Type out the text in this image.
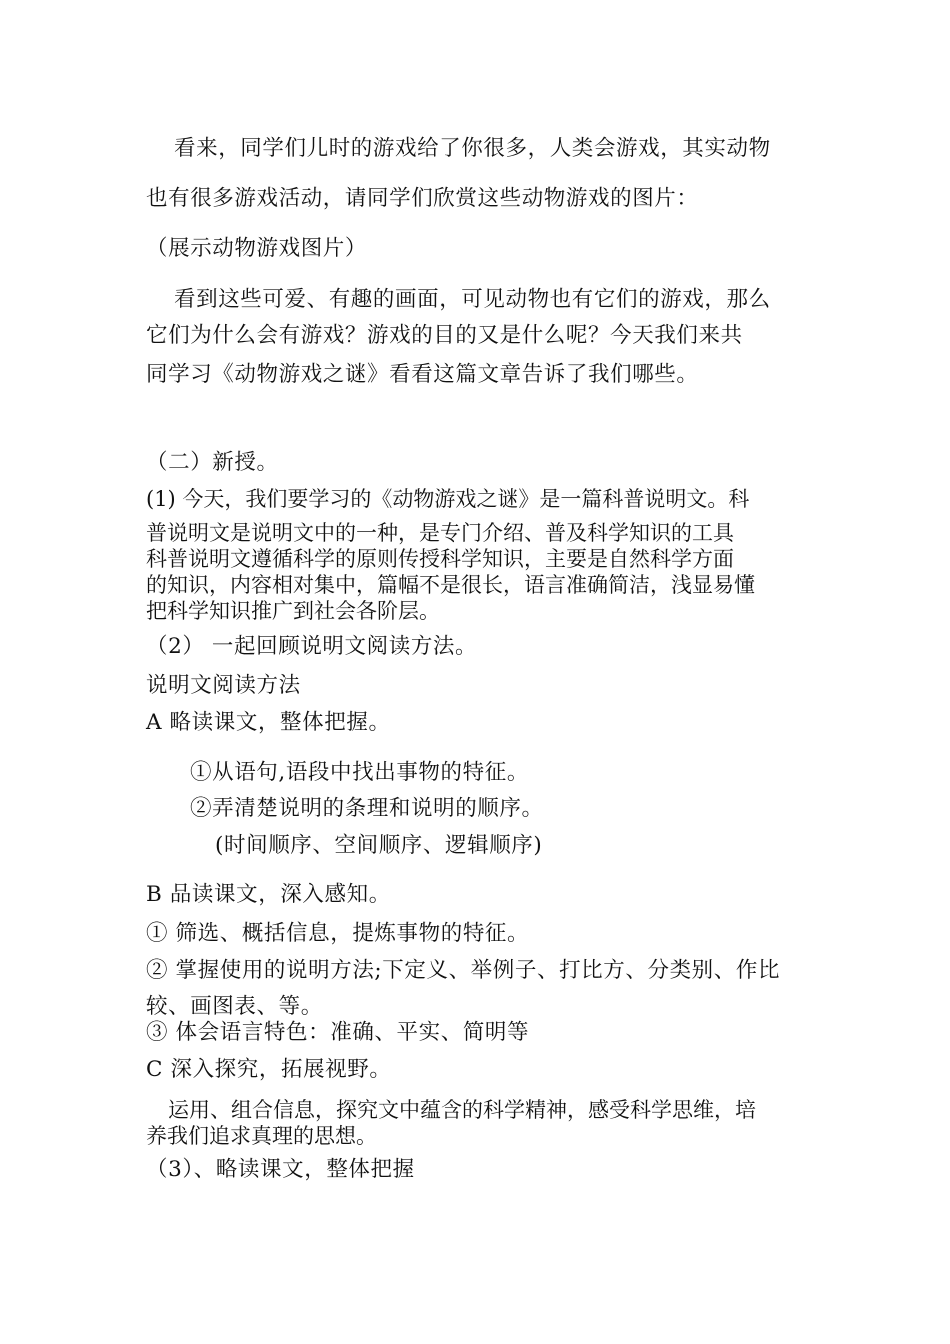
看来，同学们儿时的游戏给了你很多，人类会游戏，其实动物
也有很多游戏活动，请同学们欣赏这些动物游戏的图片：
（展示动物游戏图片）
看到这些可爱、有趣的画面，可见动物也有它们的游戏，那么
它们为什么会有游戏？游戏的目的又是什么呢？今天我们来共
同学习《动物游戏之谜》看看这篇文章告诉了我们哪些。
（二）新授。
(1) 今天，我们要学习的《动物游戏之谜》是一篇科普说明文。科
普说明文是说明文中的一种，是专门介绍、普及科学知识的工具
科普说明文遵循科学的原则传授科学知识，主要是自然科学方面
的知识，内容相对集中，篇幅不是很长，语言准确简洁，浅显易懂
把科学知识推广到社会各阶层。
（2） 一起回顾说明文阅读方法。
说明文阅读方法
A 略读课文，整体把握。
①从语句,语段中找出事物的特征。
②弄清楚说明的条理和说明的顺序。
(时间顺序、空间顺序、逻辑顺序)
B 品读课文，深入感知。
① 筛选、概括信息，提炼事物的特征。
② 掌握使用的说明方法;下定义、举例子、打比方、分类别、作比
较、画图表、等。
③ 体会语言特色：准确、平实、简明等
C 深入探究，拓展视野。
运用、组合信息，探究文中蕴含的科学精神，感受科学思维，培
养我们追求真理的思想。
（3）、略读课文，整体把握
